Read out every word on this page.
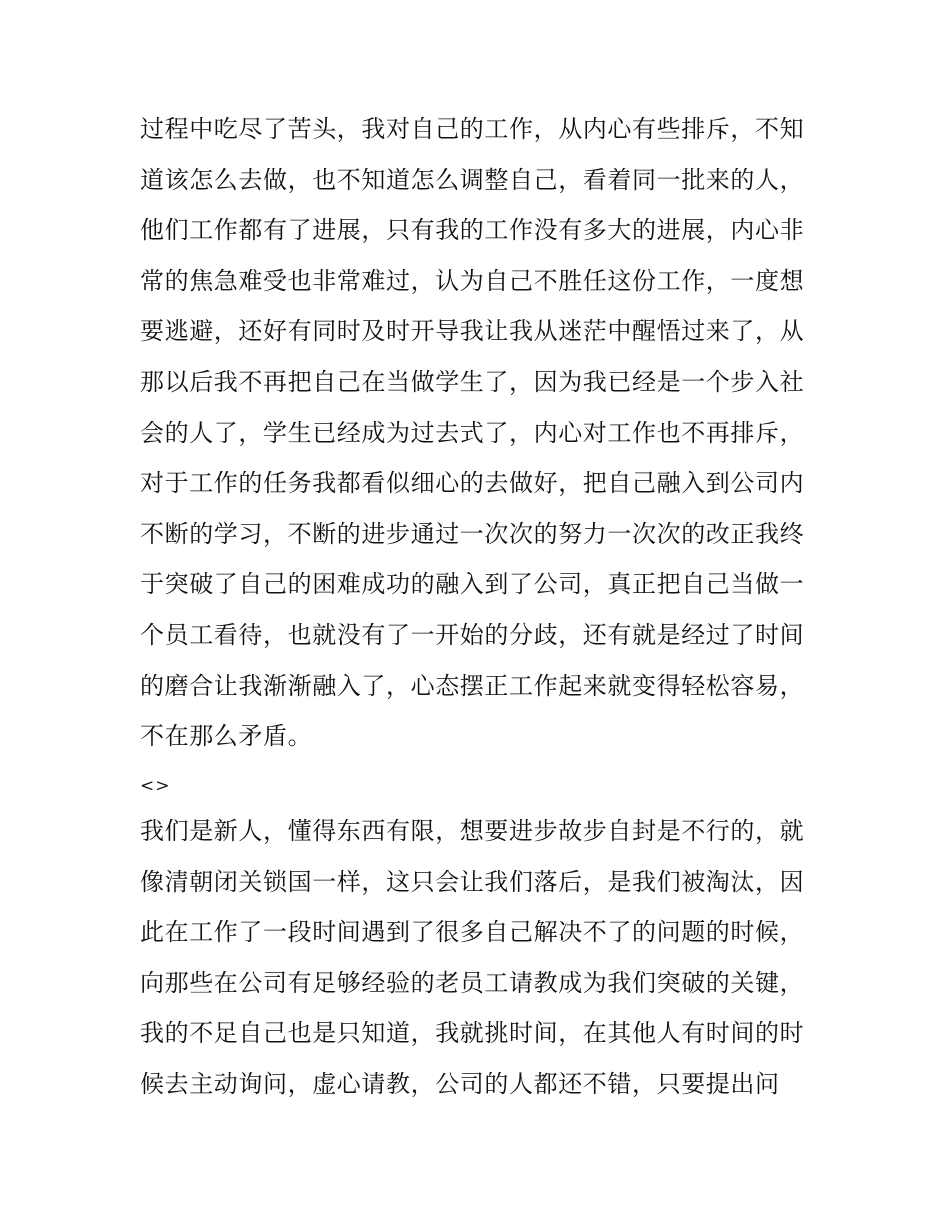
过程中吃尽了苦头，我对自己的工作，从内心有些排斥，不知
道该怎么去做，也不知道怎么调整自己，看着同一批来的人，
他们工作都有了进展，只有我的工作没有多大的进展，内心非
常的焦急难受也非常难过，认为自己不胜任这份工作，一度想
要逃避，还好有同时及时开导我让我从迷茫中醒悟过来了，从
那以后我不再把自己在当做学生了，因为我已经是一个步入社
会的人了，学生已经成为过去式了，内心对工作也不再排斥，
对于工作的任务我都看似细心的去做好，把自己融入到公司内
不断的学习，不断的进步通过一次次的努力一次次的改正我终
于突破了自己的困难成功的融入到了公司，真正把自己当做一
个员工看待，也就没有了一开始的分歧，还有就是经过了时间
的磨合让我渐渐融入了，心态摆正工作起来就变得轻松容易，
不在那么矛盾。
<>
我们是新人，懂得东西有限，想要进步故步自封是不行的，就
像清朝闭关锁国一样，这只会让我们落后，是我们被淘汰，因
此在工作了一段时间遇到了很多自己解决不了的问题的时候，
向那些在公司有足够经验的老员工请教成为我们突破的关键，
我的不足自己也是只知道，我就挑时间，在其他人有时间的时
候去主动询问，虚心请教，公司的人都还不错，只要提出问
